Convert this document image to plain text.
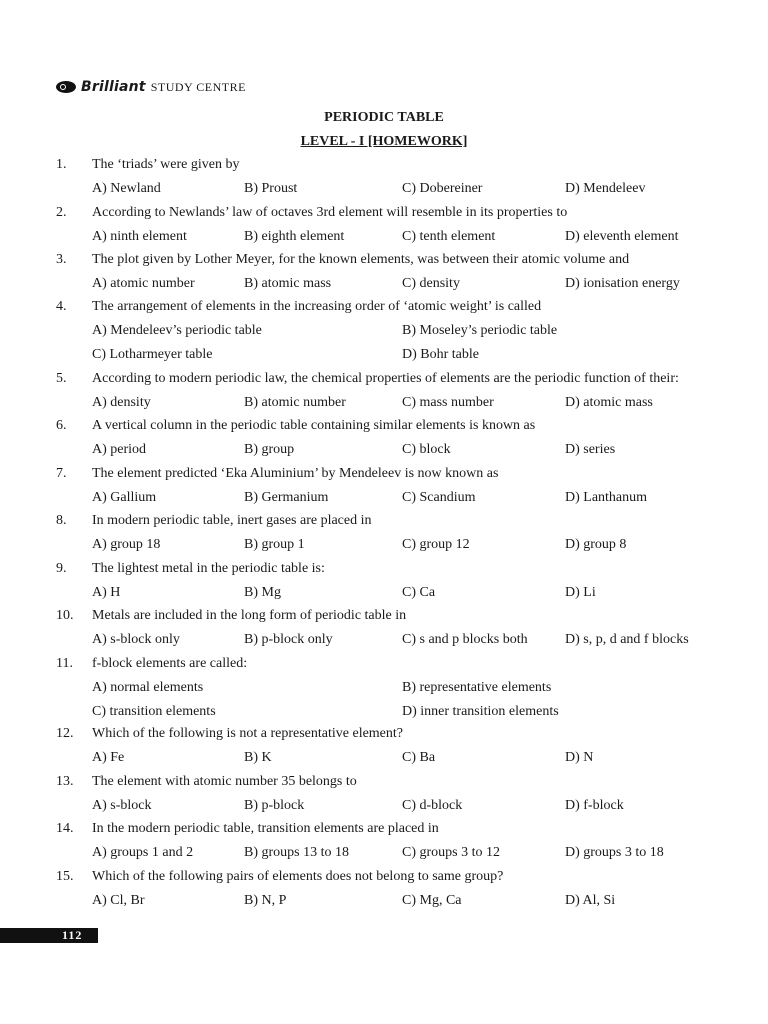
Brilliant STUDY CENTRE
PERIODIC TABLE
LEVEL - I [HOMEWORK]
1. The ‘triads’ were given by
A) Newland	B) Proust	C) Dobereiner	D) Mendeleev
2. According to Newlands’ law of octaves 3rd element will resemble in its properties to
A) ninth element	B) eighth element	C) tenth element	D) eleventh element
3. The plot given by Lother Meyer, for the known elements, was between their atomic volume and
A) atomic number	B) atomic mass	C) density	D) ionisation energy
4. The arrangement of elements in the increasing order of ‘atomic weight’ is called
A) Mendeleev’s periodic table	B) Moseley’s periodic table
C) Lotharmeyer table	D) Bohr table
5. According to modern periodic law, the chemical properties of elements are the periodic function of their:
A) density	B) atomic number	C) mass number	D) atomic mass
6. A vertical column in the periodic table containing similar elements is known as
A) period	B) group	C) block	D) series
7. The element predicted ‘Eka Aluminium’ by Mendeleev is now known as
A) Gallium	B) Germanium	C) Scandium	D) Lanthanum
8. In modern periodic table, inert gases are placed in
A) group 18	B) group 1	C) group 12	D) group 8
9. The lightest metal in the periodic table is:
A) H	B) Mg	C) Ca	D) Li
10. Metals are included in the long form of periodic table in
A) s-block only	B) p-block only	C) s and p blocks both	D) s, p, d and f blocks
11. f-block elements are called:
A) normal elements	B) representative elements
C) transition elements	D) inner transition elements
12. Which of the following is not a representative element?
A) Fe	B) K	C) Ba	D) N
13. The element with atomic number 35 belongs to
A) s-block	B) p-block	C) d-block	D) f-block
14. In the modern periodic table, transition elements are placed in
A) groups 1 and 2	B) groups 13 to 18	C) groups 3 to 12	D) groups 3 to 18
15. Which of the following pairs of elements does not belong to same group?
A) Cl, Br	B) N, P	C) Mg, Ca	D) Al, Si
112
